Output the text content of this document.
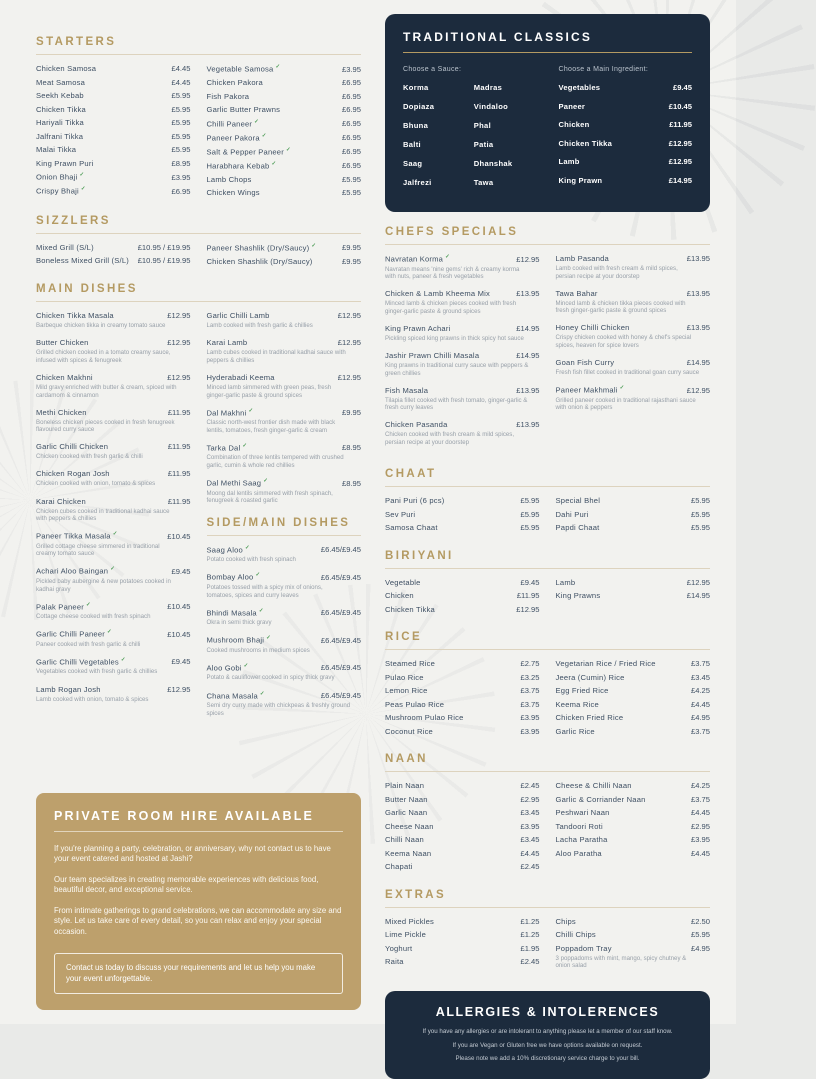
STARTERS
Chicken Samosa	£4.45
Meat Samosa	£4.45
Seekh Kebab	£5.95
Chicken Tikka	£5.95
Hariyali Tikka	£5.95
Jalfrani Tikka	£5.95
Malai Tikka	£5.95
King Prawn Puri	£8.95
Onion Bhaji ✓	£3.95
Crispy Bhaji ✓	£6.95
Vegetable Samosa ✓	£3.95
Chicken Pakora	£6.95
Fish Pakora	£6.95
Garlic Butter Prawns	£6.95
Chilli Paneer ✓	£6.95
Paneer Pakora ✓	£6.95
Salt & Pepper Paneer ✓	£6.95
Harabhara Kebab ✓	£6.95
Lamb Chops	£5.95
Chicken Wings	£5.95
SIZZLERS
Mixed Grill (S/L)	£10.95 / £19.95
Boneless Mixed Grill (S/L) £10.95 / £19.95
Paneer Shashlik (Dry/Saucy) ✓	£9.95
Chicken Shashlik (Dry/Saucy)	£9.95
MAIN DISHES
Chicken Tikka Masala	£12.95
Barbeque chicken tikka in creamy tomato sauce
Butter Chicken	£12.95
Grilled chicken cooked in a tomato creamy sauce, infused with spices & fenugreek
Chicken Makhni	£12.95
Mild gravy enriched with butter & cream, spiced with cardamom & cinnamon
Methi Chicken	£11.95
Boneless chicken pieces cooked in fresh fenugreek flavoured curry sauce
Garlic Chilli Chicken	£11.95
Chicken cooked with fresh garlic & chilli
Chicken Rogan Josh	£11.95
Chicken cooked with onion, tomato & spices
Karai Chicken	£11.95
Chicken cubes cooked in traditional kadhai sauce with peppers & chillies
Paneer Tikka Masala ✓	£10.45
Grilled cottage cheese simmered in traditional creamy tomato sauce
Achari Aloo Baingan ✓	£9.45
Pickled baby aubergine & new potatoes cooked in kadhai gravy
Palak Paneer ✓	£10.45
Cottage cheese cooked with fresh spinach
Garlic Chilli Paneer ✓	£10.45
Paneer cooked with fresh garlic & chilli
Garlic Chilli Vegetables ✓	£9.45
Vegetables cooked with fresh garlic & chillies
Lamb Rogan Josh	£12.95
Lamb cooked with onion, tomato & spices
Garlic Chilli Lamb	£12.95
Lamb cooked with fresh garlic & chillies
Karai Lamb	£12.95
Lamb cubes cooked in traditional kadhai sauce with peppers & chillies
Hyderabadi Keema	£12.95
Minced lamb simmered with green peas, fresh ginger-garlic paste & ground spices
Dal Makhni ✓	£9.95
Classic north-west frontier dish made with black lentils, tomatoes, fresh ginger-garlic & cream
Tarka Dal ✓	£8.95
Combination of three lentils tempered with crushed garlic, cumin & whole red chillies
Dal Methi Saag ✓	£8.95
Moong dal lentils simmered with fresh spinach, fenugreek & roasted garlic
SIDE/MAIN DISHES
Saag Aloo ✓	£6.45/£9.45
Potato cooked with fresh spinach
Bombay Aloo ✓	£6.45/£9.45
Potatoes tossed with a spicy mix of onions, tomatoes, spices and curry leaves
Bhindi Masala ✓	£6.45/£9.45
Okra in semi thick gravy
Mushroom Bhaji ✓	£6.45/£9.45
Cooked mushrooms in medium spices
Aloo Gobi ✓	£6.45/£9.45
Potato & cauliflower cooked in spicy thick gravy
Chana Masala ✓	£6.45/£9.45
Semi dry curry made with chickpeas & freshly ground spices
PRIVATE ROOM HIRE AVAILABLE

If you're planning a party, celebration, or anniversary, why not contact us to have your event catered and hosted at Jashi?

Our team specializes in creating memorable experiences with delicious food, beautiful decor, and exceptional service.

From intimate gatherings to grand celebrations, we can accommodate any size and style. Let us take care of every detail, so you can relax and enjoy your special occasion.

Contact us today to discuss your requirements and let us help you make your event unforgettable.
TRADITIONAL CLASSICS
Choose a Sauce:
Korma	Madras
Dopiaza	Vindaloo
Bhuna	Phal
Balti	Patia
Saag	Dhanshak
Jalfrezi	Tawa
Choose a Main Ingredient:
Vegetables	£9.45
Paneer	£10.45
Chicken	£11.95
Chicken Tikka	£12.95
Lamb	£12.95
King Prawn	£14.95
CHEFS SPECIALS
Navratan Korma ✓	£12.95
Navratan means 'nine gems' rich & creamy korma with nuts, paneer & fresh vegetables
Chicken & Lamb Kheema Mix	£13.95
Minced lamb & chicken pieces cooked with fresh ginger-garlic paste & ground spices
King Prawn Achari	£14.95
Pickling spiced king prawns in thick spicy hot sauce
Jashir Prawn Chilli Masala	£14.95
King prawns in traditional curry sauce with peppers & green chillies
Fish Masala	£13.95
Tilapia fillet cooked with fresh tomato, ginger-garlic & fresh curry leaves
Chicken Pasanda	£13.95
Chicken cooked with fresh cream & mild spices, persian recipe at your doorstep
Lamb Pasanda	£13.95
Lamb cooked with fresh cream & mild spices, persian recipe at your doorstep
Tawa Bahar	£13.95
Minced lamb & chicken tikka pieces cooked with fresh ginger-garlic paste & ground spices
Honey Chilli Chicken	£13.95
Crispy chicken cooked with honey & chef's special spices, heaven for spice lovers
Goan Fish Curry	£14.95
Fresh fish fillet cooked in traditional goan curry sauce
Paneer Makhmali ✓	£12.95
Grilled paneer cooked in traditional rajasthani sauce with onion & peppers
CHAAT
Pani Puri (6 pcs)	£5.95
Sev Puri	£5.95
Samosa Chaat	£5.95
Special Bhel	£5.95
Dahi Puri	£5.95
Papdi Chaat	£5.95
BIRIYANI
Vegetable	£9.45
Chicken	£11.95
Chicken Tikka	£12.95
Lamb	£12.95
King Prawns	£14.95
RICE
Steamed Rice	£2.75
Pulao Rice	£3.25
Lemon Rice	£3.75
Peas Pulao Rice	£3.75
Mushroom Pulao Rice	£3.95
Coconut Rice	£3.95
Vegetarian Rice / Fried Rice	£3.75
Jeera (Cumin) Rice	£3.45
Egg Fried Rice	£4.25
Keema Rice	£4.45
Chicken Fried Rice	£4.95
Garlic Rice	£3.75
NAAN
Plain Naan	£2.45
Butter Naan	£2.95
Garlic Naan	£3.45
Cheese Naan	£3.95
Chilli Naan	£3.45
Keema Naan	£4.45
Chapati	£2.45
Cheese & Chilli Naan	£4.25
Garlic & Corriander Naan	£3.75
Peshwari Naan	£4.45
Tandoori Roti	£2.95
Lacha Paratha	£3.95
Aloo Paratha	£4.45
EXTRAS
Mixed Pickles	£1.25
Lime Pickle	£1.25
Yoghurt	£1.95
Raita	£2.45
Chips	£2.50
Chilli Chips	£5.95
Poppadom Tray	£4.95
3 poppadoms with mint, mango, spicy chutney & onion salad
ALLERGIES & INTOLERENCES

If you have any allergies or are intolerant to anything please let a member of our staff know.

If you are Vegan or Gluten free we have options available on request.

Please note we add a 10% discretionary service charge to your bill.
